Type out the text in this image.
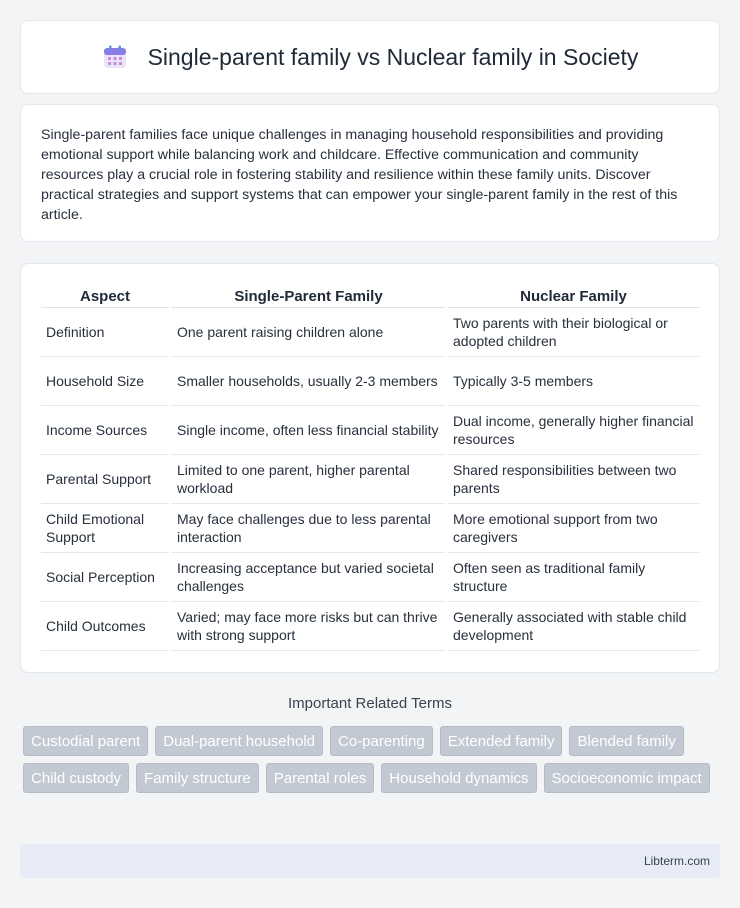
Single-parent family vs Nuclear family in Society

Single-parent families face unique challenges in managing household responsibilities and providing emotional support while balancing work and childcare. Effective communication and community resources play a crucial role in fostering stability and resilience within these family units. Discover practical strategies and support systems that can empower your single-parent family in the rest of this article.

Aspect	Single-Parent Family	Nuclear Family
Definition	One parent raising children alone	Two parents with their biological or adopted children
Household Size	Smaller households, usually 2-3 members	Typically 3-5 members
Income Sources	Single income, often less financial stability	Dual income, generally higher financial resources
Parental Support	Limited to one parent, higher parental workload	Shared responsibilities between two parents
Child Emotional Support	May face challenges due to less parental interaction	More emotional support from two caregivers
Social Perception	Increasing acceptance but varied societal challenges	Often seen as traditional family structure
Child Outcomes	Varied; may face more risks but can thrive with strong support	Generally associated with stable child development
Important Related Terms
Custodial parent	Dual-parent household	Co-parenting	Extended family	Blended family
Child custody	Family structure	Parental roles	Household dynamics	Socioeconomic impact
Libterm.com
